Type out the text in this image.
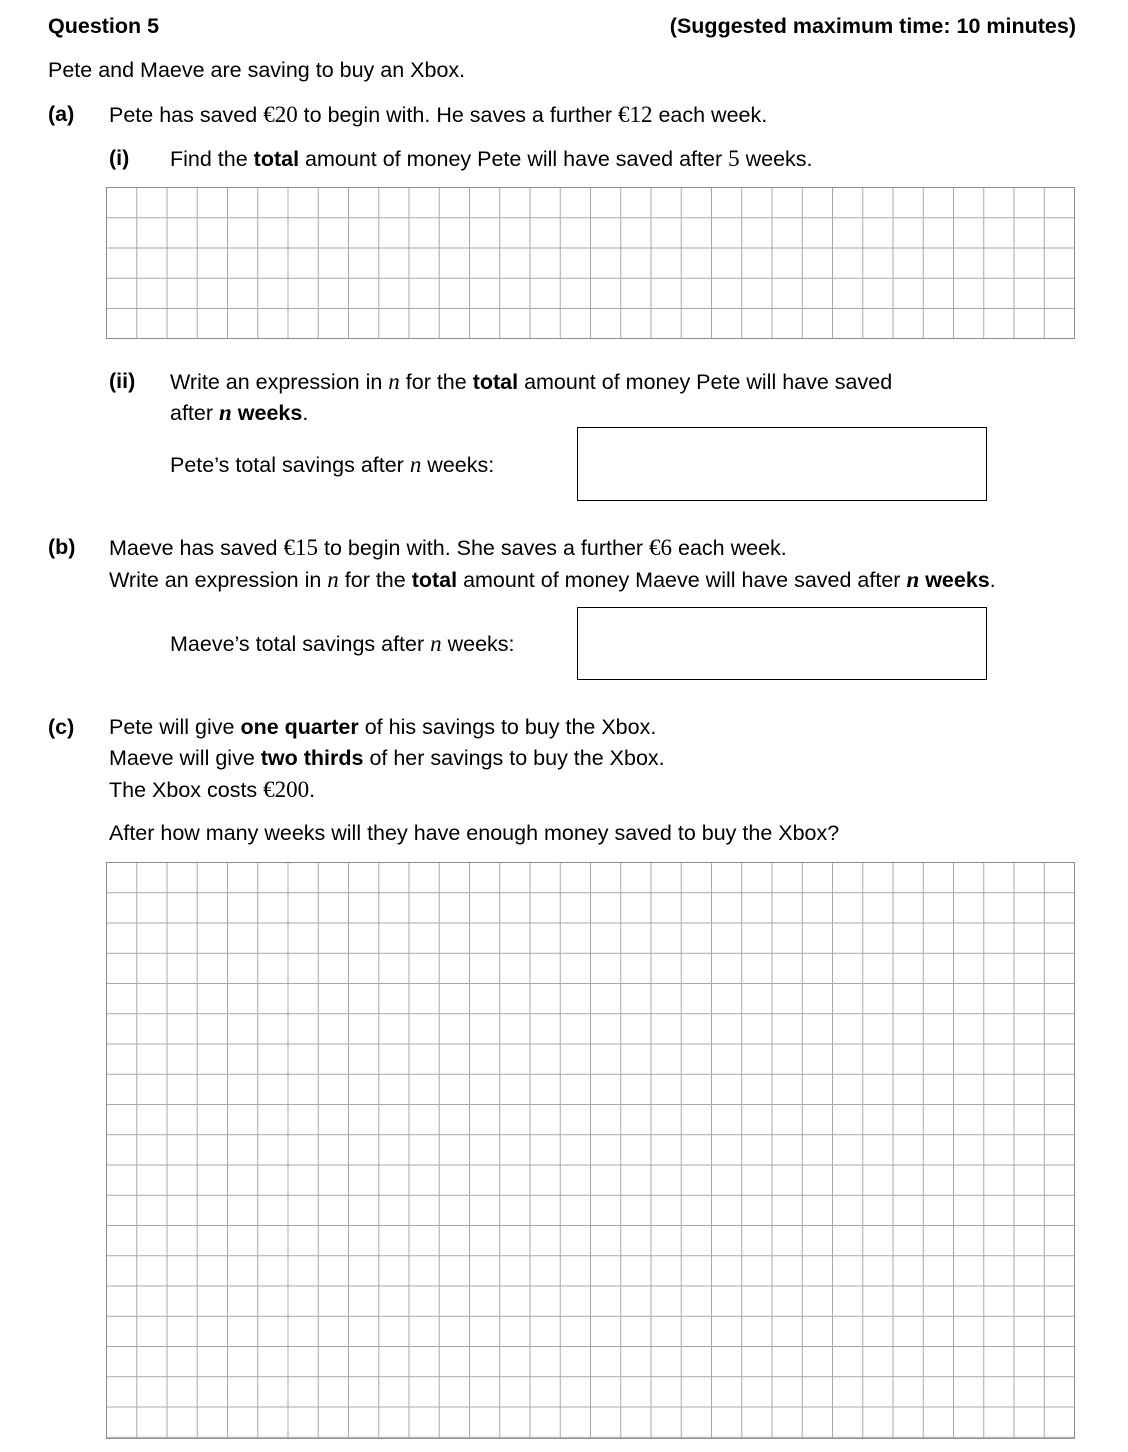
Question 5	(Suggested maximum time: 10 minutes)
Pete and Maeve are saving to buy an Xbox.
(a) Pete has saved €20 to begin with. He saves a further €12 each week.
(i) Find the total amount of money Pete will have saved after 5 weeks.
(ii) Write an expression in n for the total amount of money Pete will have saved
after n weeks.
Pete’s total savings after n weeks:
(b) Maeve has saved €15 to begin with. She saves a further €6 each week.
Write an expression in n for the total amount of money Maeve will have saved after n weeks.
Maeve’s total savings after n weeks:
(c) Pete will give one quarter of his savings to buy the Xbox.
Maeve will give two thirds of her savings to buy the Xbox.
The Xbox costs €200.
After how many weeks will they have enough money saved to buy the Xbox?
